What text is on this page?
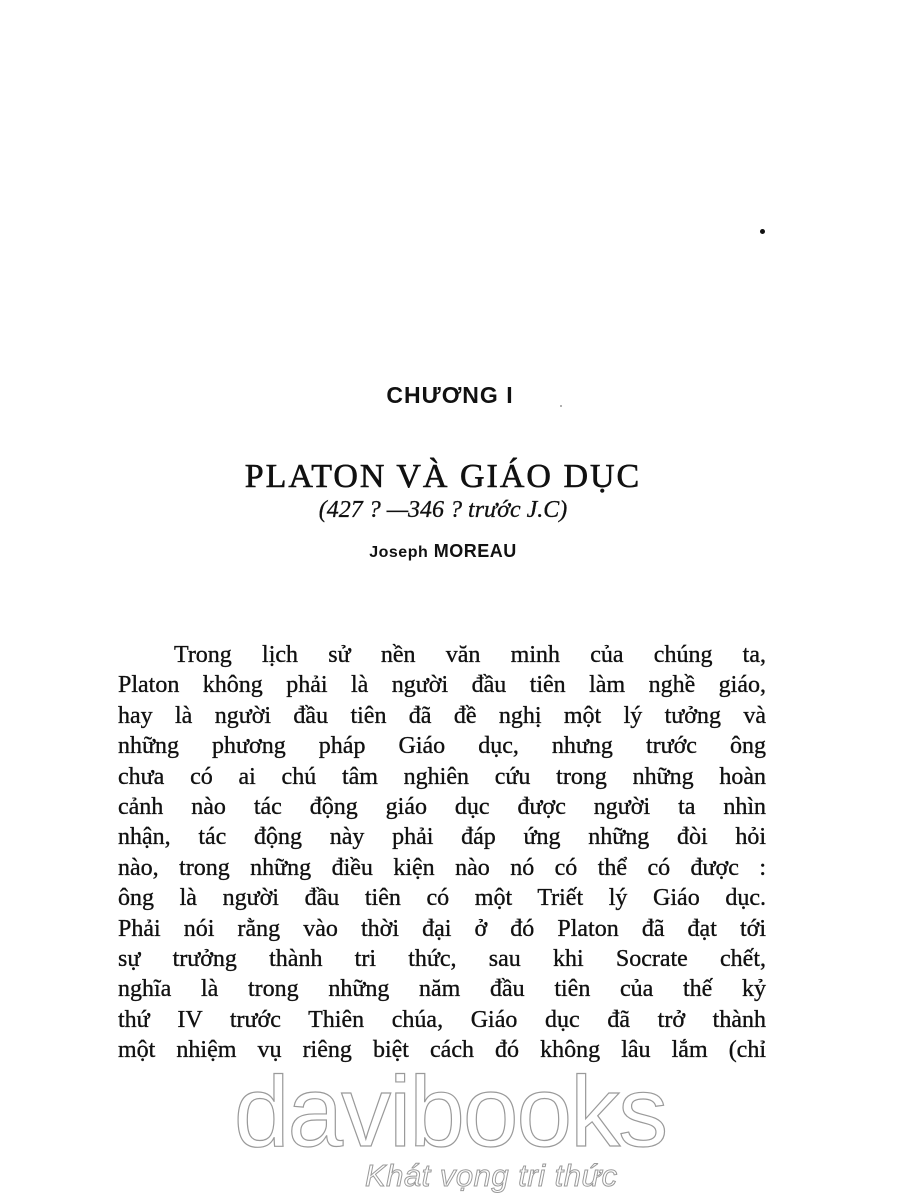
CHƯƠNG I
PLATON VÀ GIÁO DỤC
(427 ? —346 ? trước J.C)
Joseph MOREAU
Trong lịch sử nền văn minh của chúng ta,
Platon không phải là người đầu tiên làm nghề giáo,
hay là người đầu tiên đã đề nghị một lý tưởng và
những phương pháp Giáo dục, nhưng trước ông
chưa có ai chú tâm nghiên cứu trong những hoàn
cảnh nào tác động giáo dục được người ta nhìn
nhận, tác động này phải đáp ứng những đòi hỏi
nào, trong những điều kiện nào nó có thể có được :
ông là người đầu tiên có một Triết lý Giáo dục.
Phải nói rằng vào thời đại ở đó Platon đã đạt tới
sự trưởng thành tri thức, sau khi Socrate chết,
nghĩa là trong những năm đầu tiên của thế kỷ
thứ IV trước Thiên chúa, Giáo dục đã trở thành
một nhiệm vụ riêng biệt cách đó không lâu lắm (chỉ
davibooks
Khát vọng tri thức
